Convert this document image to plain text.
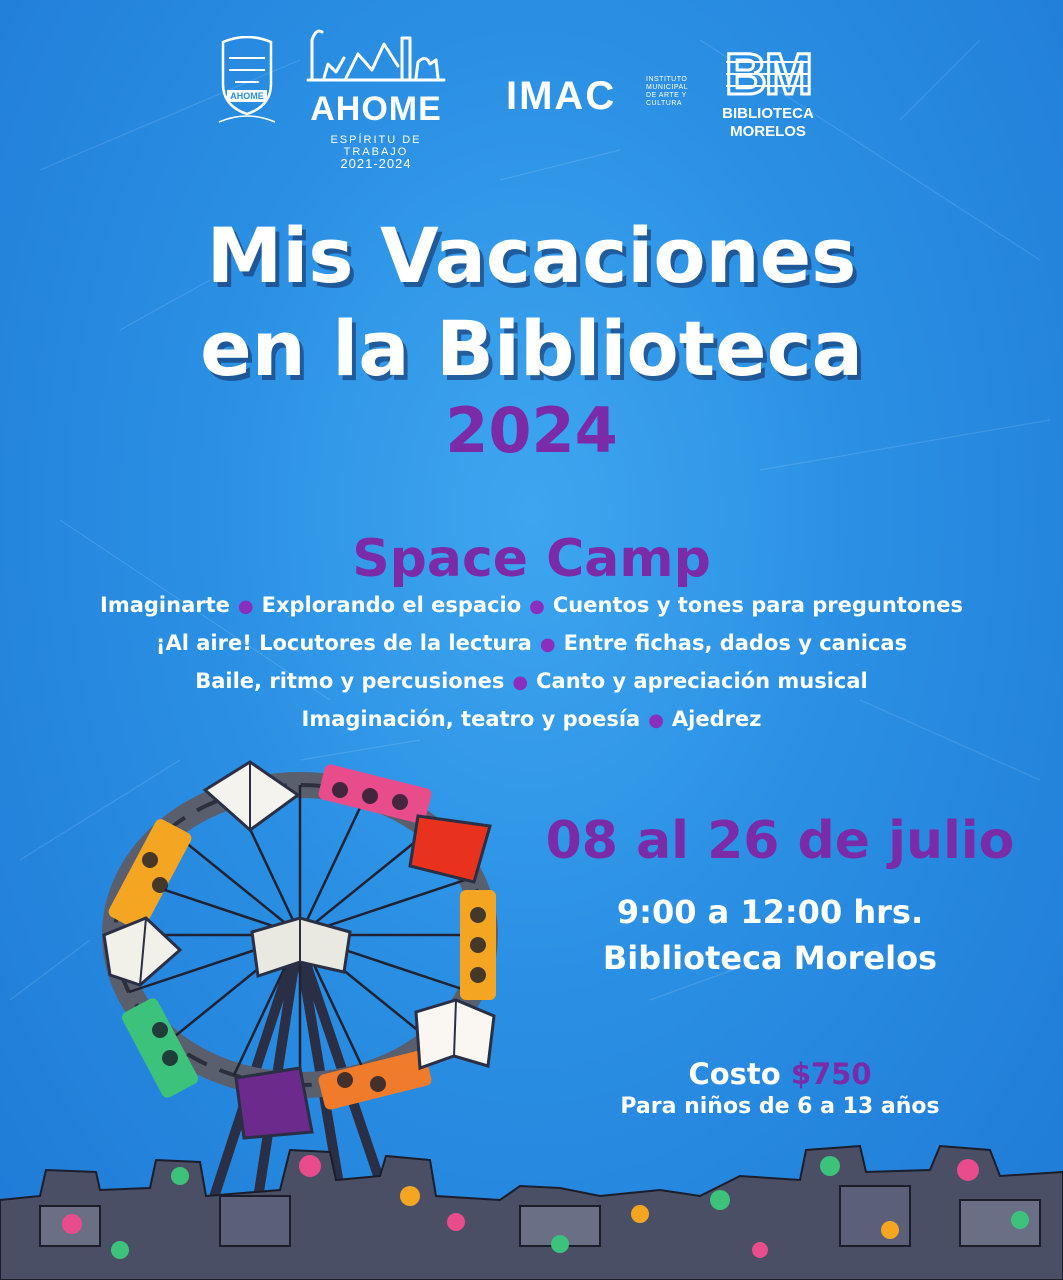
AHOME	AHOME
ESPÍRITU DE TRABAJO
2021-2024
IMAC	INSTITUTO
MUNICIPAL
DE ARTE Y
CULTURA BM
BIBLIOTECA
MORELOS
Mis Vacaciones
en la Biblioteca
2024
Space Camp
Imaginarte ● Explorando el espacio ● Cuentos y tones para preguntones
¡Al aire! Locutores de la lectura ● Entre fichas, dados y canicas
Baile, ritmo y percusiones ● Canto y apreciación musical
Imaginación, teatro y poesía ● Ajedrez
08 al 26 de julio
9:00 a 12:00 hrs.
Biblioteca Morelos
Costo $750
Para niños de 6 a 13 años
